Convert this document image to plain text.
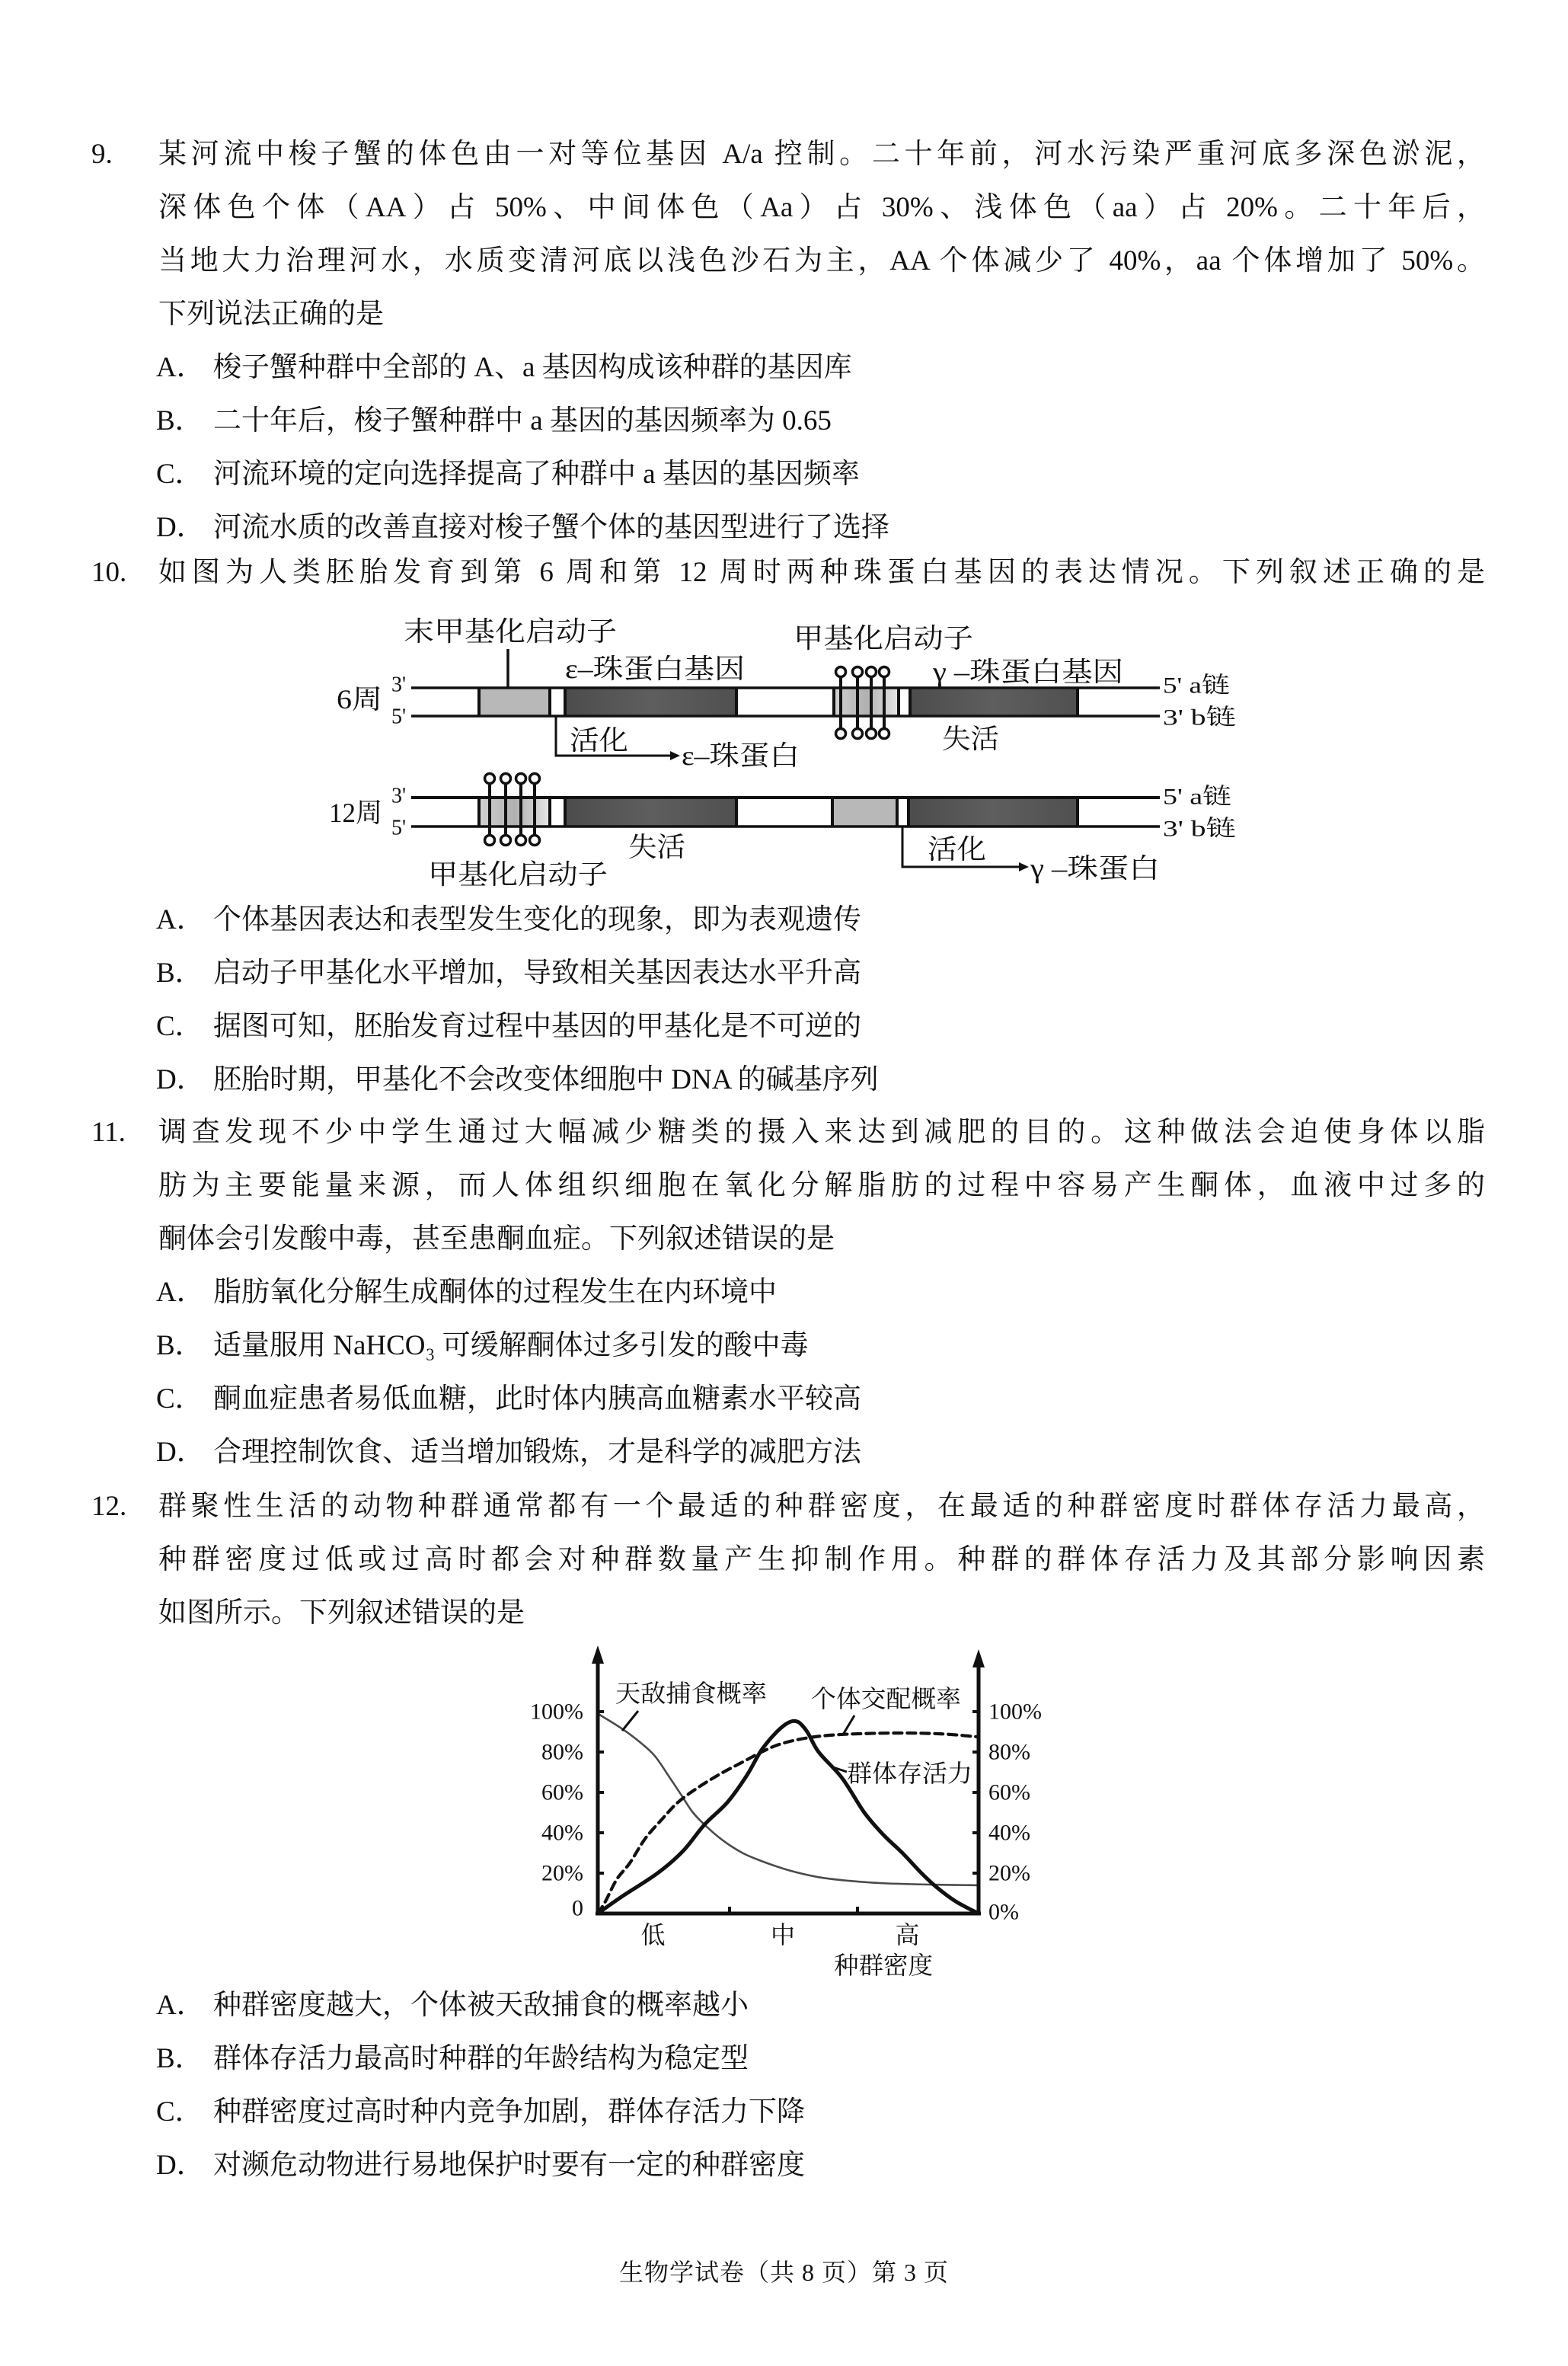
9. 某河流中梭子蟹的体色由一对等位基因 A/a 控制。二十年前，河水污染严重河底多深色淤泥，
深体色个体（AA）占 50%、中间体色（Aa）占 30%、浅体色（aa）占 20%。二十年后，
当地大力治理河水，水质变清河底以浅色沙石为主，AA 个体减少了 40%，aa 个体增加了 50%。
下列说法正确的是
A． 梭子蟹种群中全部的 A、a 基因构成该种群的基因库
B． 二十年后，梭子蟹种群中 a 基因的基因频率为 0.65
C． 河流环境的定向选择提高了种群中 a 基因的基因频率
D． 河流水质的改善直接对梭子蟹个体的基因型进行了选择
10. 如图为人类胚胎发育到第 6 周和第 12 周时两种珠蛋白基因的表达情况。下列叙述正确的是
6周 3'
5'
5' a链
3' b链
末甲基化启动子
ε–珠蛋白基因
活化 ε–珠蛋白
甲基化启动子
γ –珠蛋白基因
失活
12周
3'
5'
5' a链
3' b链
失活
甲基化启动子
活化
γ –珠蛋白
A． 个体基因表达和表型发生变化的现象，即为表观遗传
B． 启动子甲基化水平增加，导致相关基因表达水平升高
C． 据图可知，胚胎发育过程中基因的甲基化是不可逆的
D． 胚胎时期，甲基化不会改变体细胞中 DNA 的碱基序列
11. 调查发现不少中学生通过大幅减少糖类的摄入来达到减肥的目的。这种做法会迫使身体以脂
肪为主要能量来源，而人体组织细胞在氧化分解脂肪的过程中容易产生酮体，血液中过多的
酮体会引发酸中毒，甚至患酮血症。下列叙述错误的是
A． 脂肪氧化分解生成酮体的过程发生在内环境中
B． 适量服用 NaHCO₃ 可缓解酮体过多引发的酸中毒
C． 酮血症患者易低血糖，此时体内胰高血糖素水平较高
D． 合理控制饮食、适当增加锻炼，才是科学的减肥方法
12. 群聚性生活的动物种群通常都有一个最适的种群密度，在最适的种群密度时群体存活力最高，
种群密度过低或过高时都会对种群数量产生抑制作用。种群的群体存活力及其部分影响因素
如图所示。下列叙述错误的是
0
20%
40%
60%
80%
100%
0%
20%
40%
60%
80%
100%
低	中	高
天敌捕食概率 个体交配概率
群体存活力
种群密度
A． 种群密度越大，个体被天敌捕食的概率越小
B． 群体存活力最高时种群的年龄结构为稳定型
C． 种群密度过高时种内竞争加剧，群体存活力下降
D． 对濒危动物进行易地保护时要有一定的种群密度
生物学试卷（共 8 页）第 3 页
